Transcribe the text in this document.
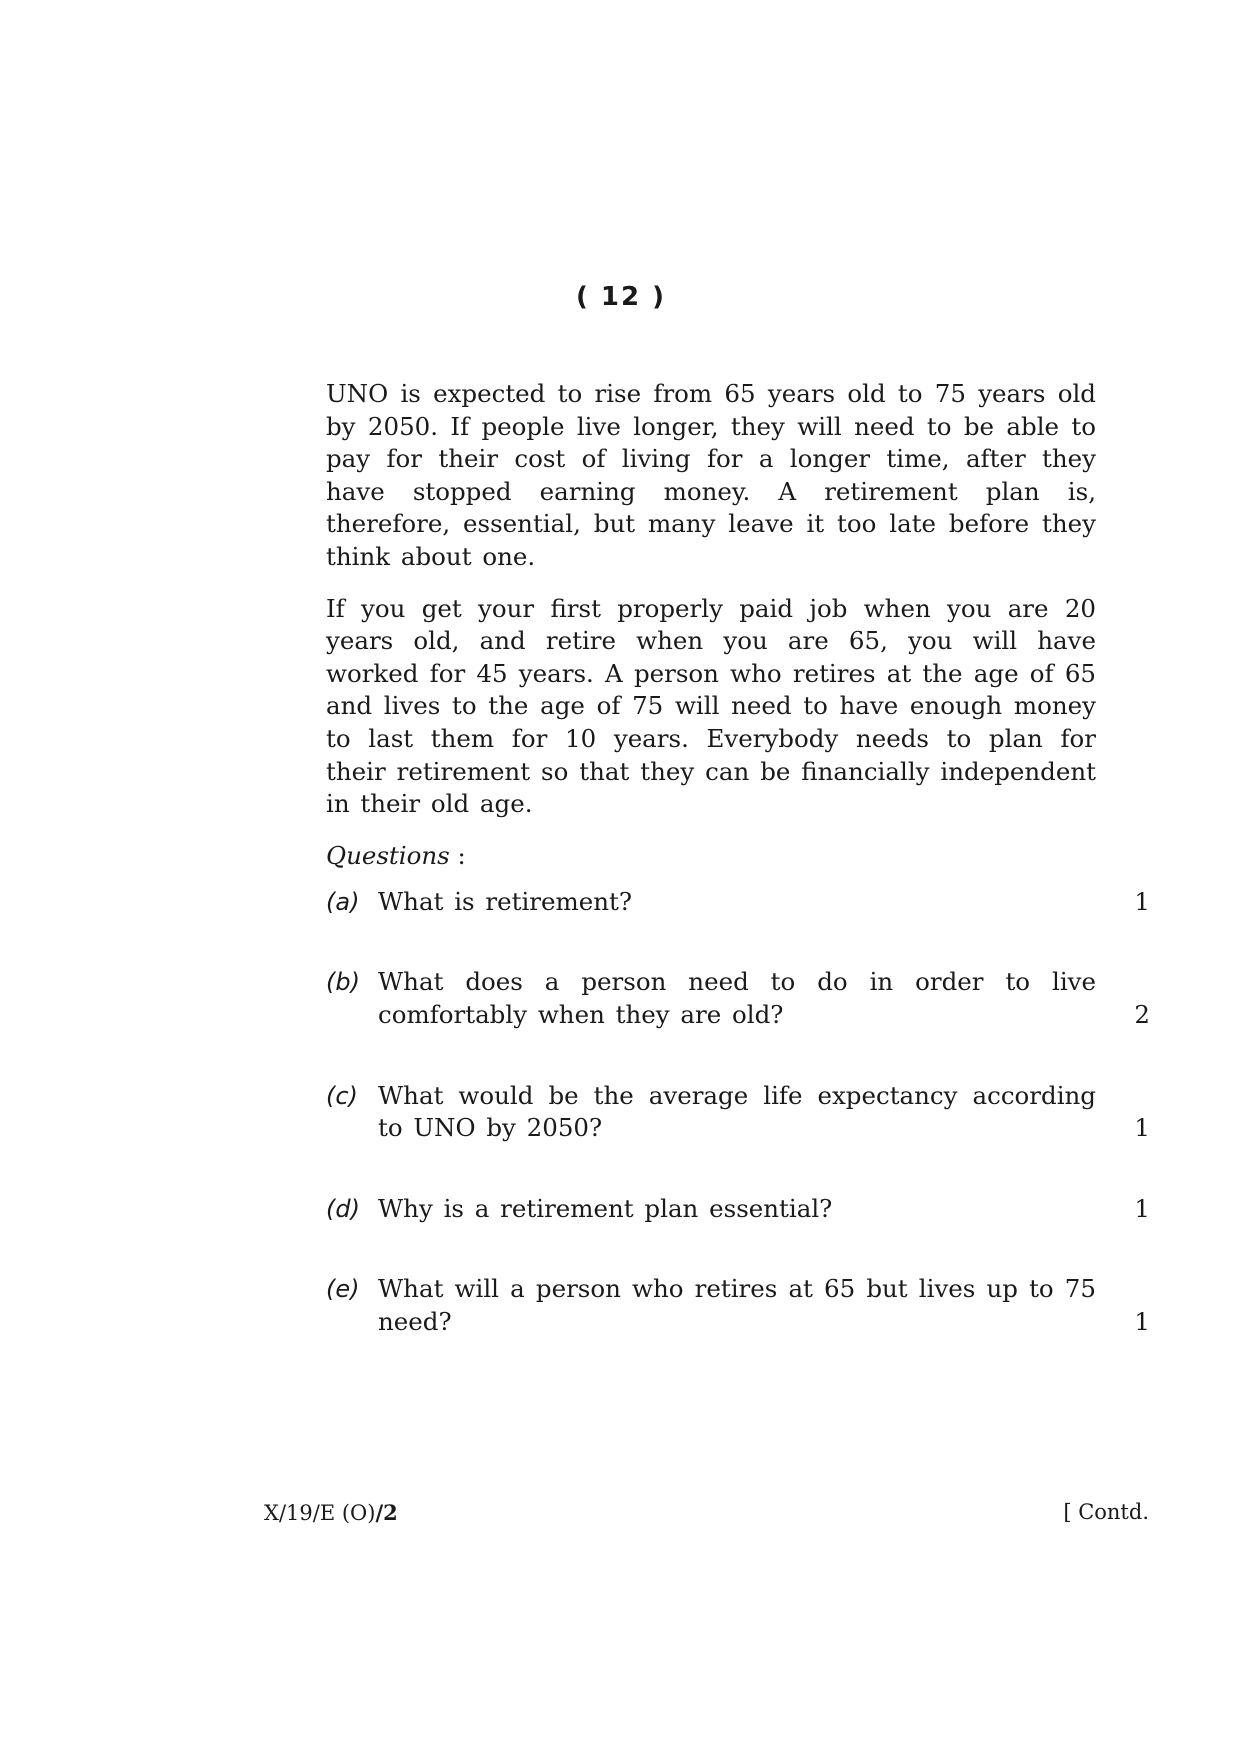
( 12 )

UNO is expected to rise from 65 years old to 75 years old by 2050. If people live longer, they will need to be able to pay for their cost of living for a longer time, after they have stopped earning money. A retirement plan is, therefore, essential, but many leave it too late before they think about one.

If you get your first properly paid job when you are 20 years old, and retire when you are 65, you will have worked for 45 years. A person who retires at the age of 65 and lives to the age of 75 will need to have enough money to last them for 10 years. Everybody needs to plan for their retirement so that they can be financially independent in their old age.

Questions :
(a) What is retirement?	1
(b) What does a person need to do in order to live comfortably when they are old?	2
(c) What would be the average life expectancy according to UNO by 2050?	1
(d) Why is a retirement plan essential?	1
(e) What will a person who retires at 65 but lives up to 75 need?	1
X/19/E (O)/2	[ Contd.
